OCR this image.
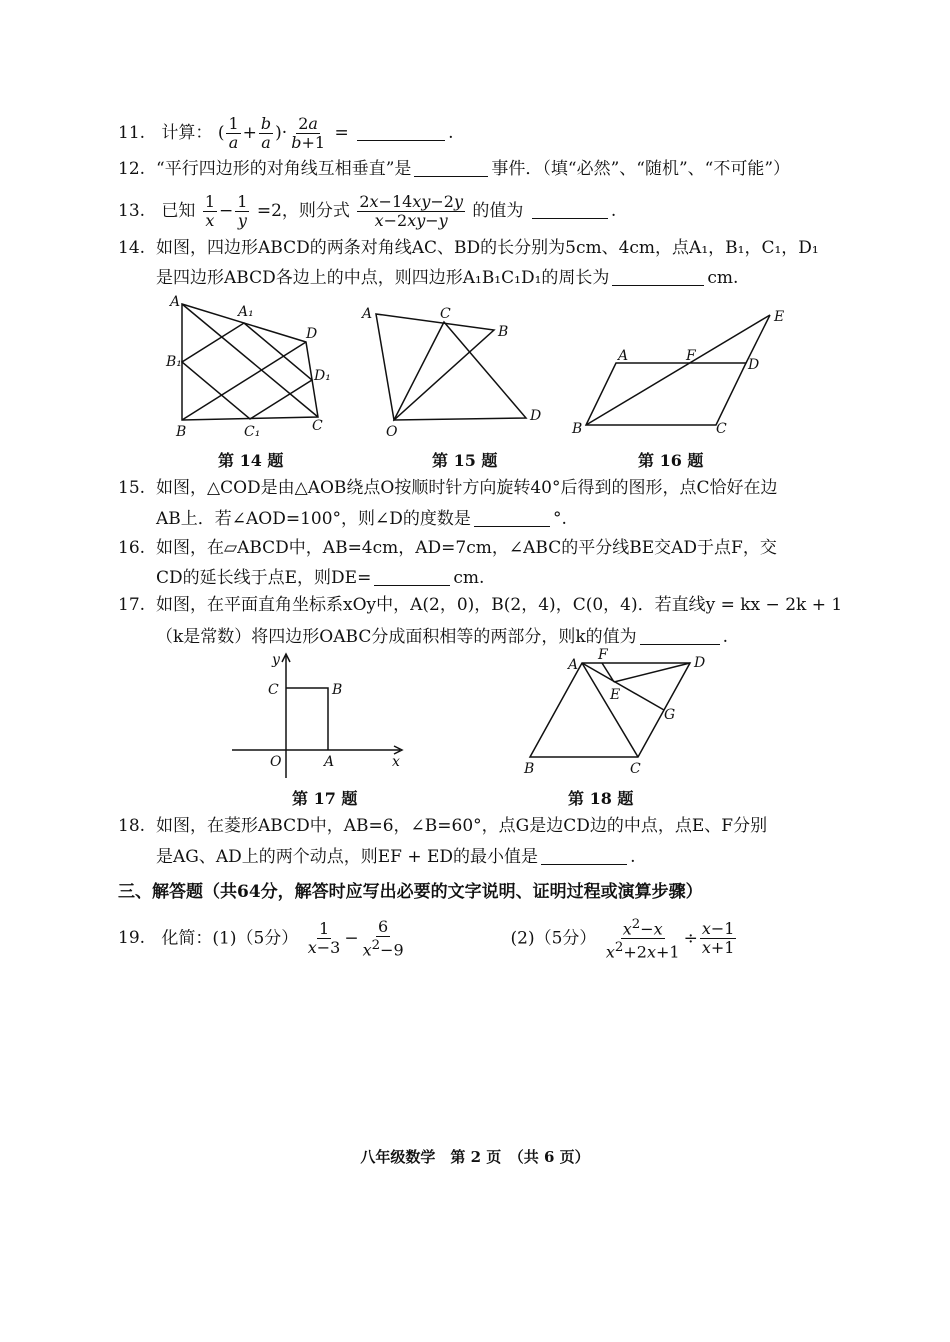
11. 计算： ( $\frac{1}{a} + \frac{b}{a}$ )· $\frac{2a}{b+1}$ =	.
12. “平行四边形的对角线互相垂直”是	事件．（填“必然”、“随机”、“不可能”）
13. 已知 $\frac{1}{x} - \frac{1}{y} =2$，则分式 $\frac{2x-14xy-2y}{x-2xy-y}$ 的值为	.
14. 如图，四边形ABCD的两条对角线AC、BD的长分别为5cm、4cm，点A₁，B₁，C₁，D₁
是四边形ABCD各边上的中点，则四边形A₁B₁C₁D₁的周长为	cm.
A
A₁
D
B₁
D₁
B	C₁	C
第 14 题
A	C
B
O
D
第 15 题
A	F
E
D
B	C
第 16 题
15. 如图，△COD是由△AOB绕点O按顺时针方向旋转40°后得到的图形，点C恰好在边
AB上．若∠AOD=100°，则∠D的度数是	°.
16. 如图，在▱ABCD中，AB=4cm，AD=7cm，∠ABC的平分线BE交AD于点F，交
CD的延长线于点E，则DE=	cm.
17. 如图，在平面直角坐标系xOy中，A(2，0)，B(2，4)，C(0，4)．若直线y = kx − 2k + 1
（k是常数）将四边形OABC分成面积相等的两部分，则k的值为	.
y
C	B
O	A	x
第 17 题
A
F	D
E
G
B	C
第 18 题
18. 如图，在菱形ABCD中，AB=6，∠B=60°，点G是边CD边的中点，点E、F分别
是AG、AD上的两个动点，则EF + ED的最小值是	.
三、解答题（共64分，解答时应写出必要的文字说明、证明过程或演算步骤）
19. 化简：(1)（5分） $\frac{1}{x-3} - \frac{6}{x^2-9}$	(2)（5分） $\frac{x^2-x}{x^2+2x+1} \div \frac{x-1}{x+1}$
八年级数学　第 2 页　（共 6 页）
